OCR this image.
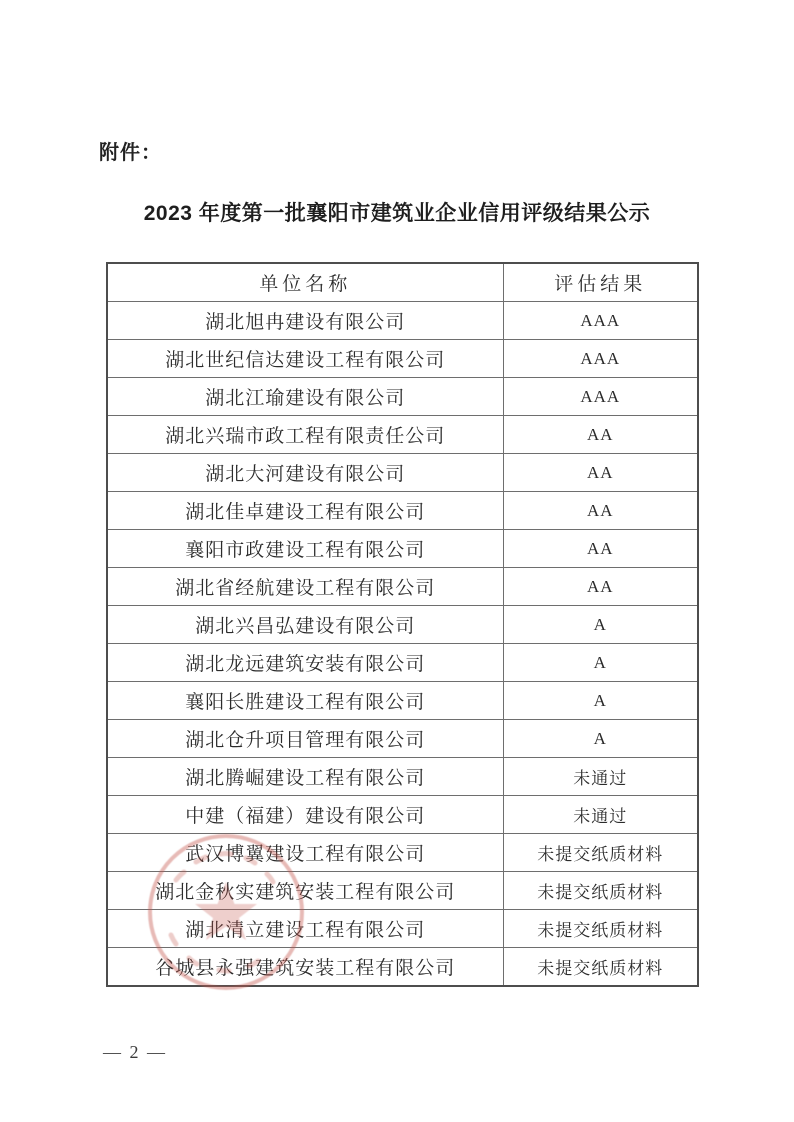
附件：
2023 年度第一批襄阳市建筑业企业信用评级结果公示
单位名称	评估结果
湖北旭冉建设有限公司	AAA
湖北世纪信达建设工程有限公司	AAA
湖北江瑜建设有限公司	AAA
湖北兴瑞市政工程有限责任公司	AA
湖北大河建设有限公司	AA
湖北佳卓建设工程有限公司	AA
襄阳市政建设工程有限公司	AA
湖北省经航建设工程有限公司	AA
湖北兴昌弘建设有限公司	A
湖北龙远建筑安装有限公司	A
襄阳长胜建设工程有限公司	A
湖北仓升项目管理有限公司	A
湖北腾崛建设工程有限公司	未通过
中建（福建）建设有限公司	未通过
武汉博翼建设工程有限公司	未提交纸质材料
湖北金秋实建筑安装工程有限公司	未提交纸质材料
湖北清立建设工程有限公司	未提交纸质材料
谷城县永强建筑安装工程有限公司	未提交纸质材料
— 2 —
